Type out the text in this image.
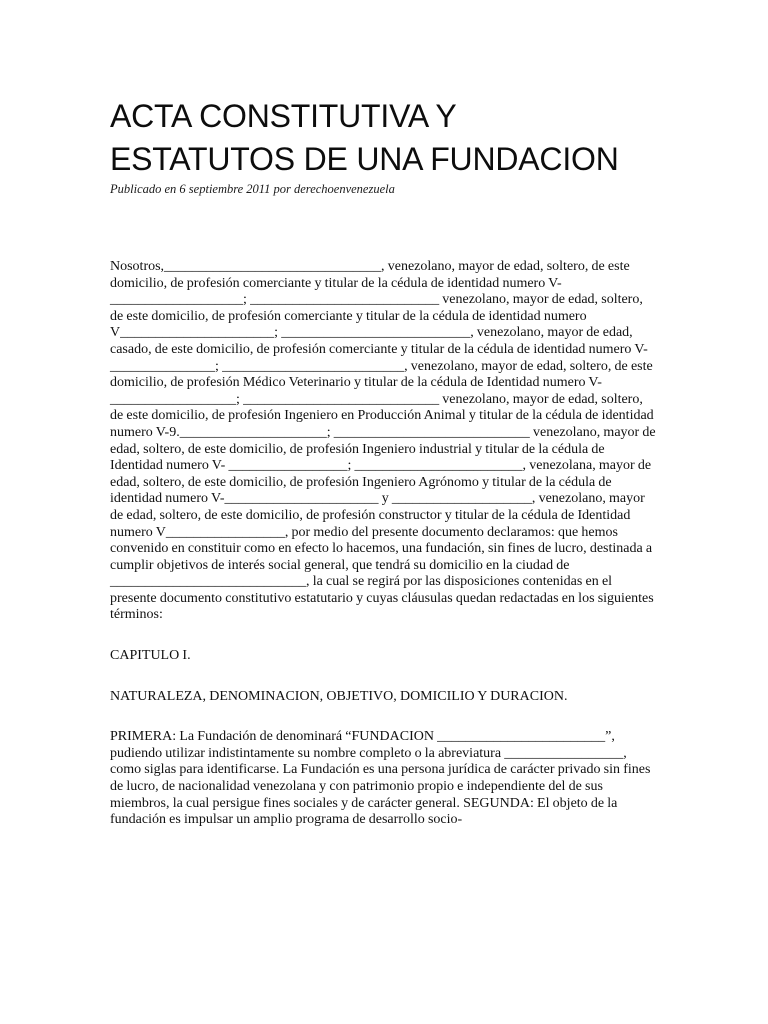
ACTA CONSTITUTIVA Y
ESTATUTOS DE UNA FUNDACION

Publicado en 6 septiembre 2011 por derechoenvenezuela

Nosotros,_______________________________, venezolano, mayor de edad, soltero, de este domicilio, de profesión comerciante y titular de la cédula de identidad numero V-___________________; ___________________________ venezolano, mayor de edad, soltero, de este domicilio, de profesión comerciante y titular de la cédula de identidad numero V______________________; ___________________________, venezolano, mayor de edad, casado, de este domicilio, de profesión comerciante y titular de la cédula de identidad numero V-_______________; __________________________, venezolano, mayor de edad, soltero, de este domicilio, de profesión Médico Veterinario y titular de la cédula de Identidad numero V- __________________; ____________________________ venezolano, mayor de edad, soltero, de este domicilio, de profesión Ingeniero en Producción Animal y titular de la cédula de identidad numero V-9._____________________; ____________________________ venezolano, mayor de edad, soltero, de este domicilio, de profesión Ingeniero industrial y titular de la cédula de Identidad numero V- _________________; ________________________, venezolana, mayor de edad, soltero, de este domicilio, de profesión Ingeniero Agrónomo y titular de la cédula de identidad numero V-______________________ y ____________________, venezolano, mayor de edad, soltero, de este domicilio, de profesión constructor y titular de la cédula de Identidad numero V_________________, por medio del presente documento declaramos: que hemos convenido en constituir como en efecto lo hacemos, una fundación, sin fines de lucro, destinada a cumplir objetivos de interés social general, que tendrá su domicilio en la ciudad de ____________________________, la cual se regirá por las disposiciones contenidas en el presente documento constitutivo estatutario y cuyas cláusulas quedan redactadas en los siguientes términos:

CAPITULO I.

NATURALEZA, DENOMINACION, OBJETIVO, DOMICILIO Y DURACION.

PRIMERA: La Fundación de denominará “FUNDACION ________________________”, pudiendo utilizar indistintamente su nombre completo o la abreviatura _________________, como siglas para identificarse. La Fundación es una persona jurídica de carácter privado sin fines de lucro, de nacionalidad venezolana y con patrimonio propio e independiente del de sus miembros, la cual persigue fines sociales y de carácter general. SEGUNDA: El objeto de la fundación es impulsar un amplio programa de desarrollo socio-
